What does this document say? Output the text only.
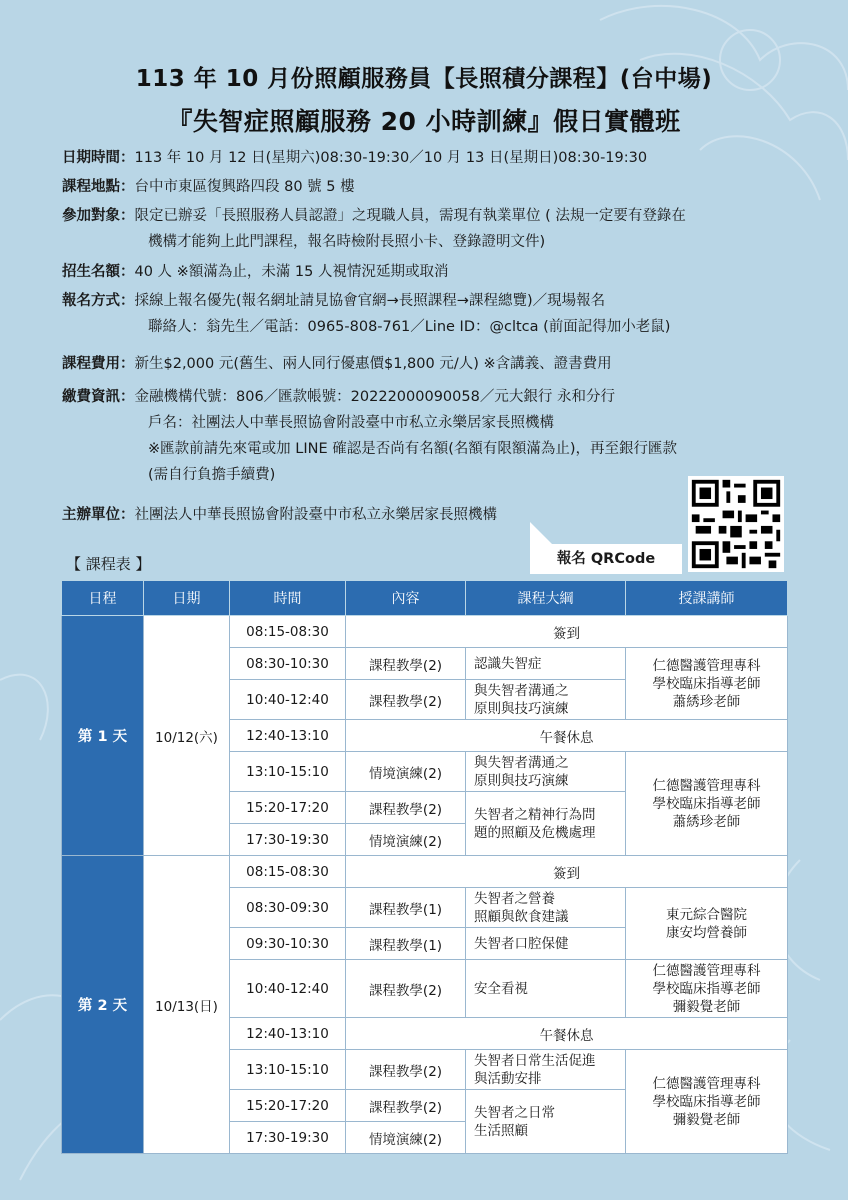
113 年 10 月份照顧服務員【長照積分課程】(台中場)
『失智症照顧服務 20 小時訓練』假日實體班
日期時間：113 年 10 月 12 日(星期六)08:30-19:30／10 月 13 日(星期日)08:30-19:30
課程地點：台中市東區復興路四段 80 號 5 樓
參加對象：限定已辦妥「長照服務人員認證」之現職人員，需現有執業單位 ( 法規一定要有登錄在
機構才能夠上此門課程，報名時檢附長照小卡、登錄證明文件)
招生名額：40 人 ※額滿為止，未滿 15 人視情況延期或取消
報名方式：採線上報名優先(報名網址請見協會官網→長照課程→課程總覽)／現場報名
聯絡人：翁先生／電話：0965-808-761／Line ID：@cltca (前面記得加小老鼠)
課程費用：新生$2,000 元(舊生、兩人同行優惠價$1,800 元/人) ※含講義、證書費用
繳費資訊：金融機構代號：806／匯款帳號：20222000090058／元大銀行 永和分行
戶名：社團法人中華長照協會附設臺中市私立永樂居家長照機構
※匯款前請先來電或加 LINE 確認是否尚有名額(名額有限額滿為止)，再至銀行匯款
(需自行負擔手續費)
主辦單位：社團法人中華長照協會附設臺中市私立永樂居家長照機構
報名 QRCode
【 課程表 】
日程	日期	時間	內容	課程大綱	授課講師
第 1 天	10/12(六)	08:15-08:30	簽到		
		08:30-10:30	課程教學(2)	認識失智症	仁德醫護管理專科
學校臨床指導老師
蕭綉珍老師
		10:40-12:40	課程教學(2)	與失智者溝通之
原則與技巧演練	
		12:40-13:10	午餐休息		
		13:10-15:10	情境演練(2)	與失智者溝通之
原則與技巧演練	仁德醫護管理專科
學校臨床指導老師
蕭綉珍老師
		15:20-17:20	課程教學(2)	失智者之精神行為問
題的照顧及危機處理	
		17:30-19:30	情境演練(2)		
第 2 天	10/13(日)	08:15-08:30	簽到		
		08:30-09:30	課程教學(1)	失智者之營養
照顧與飲食建議	東元綜合醫院
康安均營養師
		09:30-10:30	課程教學(1)	失智者口腔保健	
		10:40-12:40	課程教學(2)	安全看視	仁德醫護管理專科
學校臨床指導老師
彌毅覺老師
		12:40-13:10	午餐休息		
		13:10-15:10	課程教學(2)	失智者日常生活促進
與活動安排	仁德醫護管理專科
學校臨床指導老師
彌毅覺老師
		15:20-17:20	課程教學(2)	失智者之日常
生活照顧	
		17:30-19:30	情境演練(2)		
